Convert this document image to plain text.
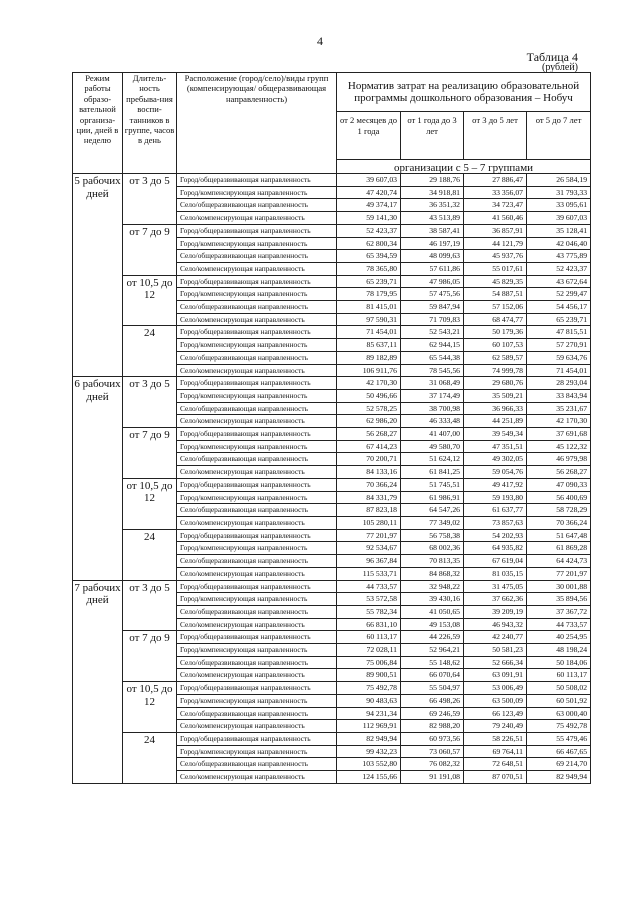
4
Таблица 4
(рублей)
Режим работы образо-вательной организа-ции, дней в неделю	Длитель-ность пребыва-ния воспи-танников в группе, часов в день	Расположение (город/село)/виды групп (компенсирующая/ общеразвивающая направленность)	Норматив затрат на реализацию образовательной программы дошкольного образования – Нобуч			
			от 2 месяцев до 1 года	от 1 года до 3 лет	от 3 до 5 лет	от 5 до 7 лет
			организации с 5 – 7 группами			
5 рабочих дней	от 3 до 5	Город/общеразвивающая направленность	39 607,03	29 188,76	27 886,47	26 584,19
		Город/компенсирующая направленность	47 420,74	34 918,81	33 356,07	31 793,33
		Село/общеразвивающая направленность	49 374,17	36 351,32	34 723,47	33 095,61
		Село/компенсирующая направленность	59 141,30	43 513,89	41 560,46	39 607,03
	от 7 до 9	Город/общеразвивающая направленность	52 423,37	38 587,41	36 857,91	35 128,41
		Город/компенсирующая направленность	62 800,34	46 197,19	44 121,79	42 046,40
		Село/общеразвивающая направленность	65 394,59	48 099,63	45 937,76	43 775,89
		Село/компенсирующая направленность	78 365,80	57 611,86	55 017,61	52 423,37
	от 10,5 до 12	Город/общеразвивающая направленность	65 239,71	47 986,05	45 829,35	43 672,64
		Город/компенсирующая направленность	78 179,95	57 475,56	54 887,51	52 299,47
		Село/общеразвивающая направленность	81 415,01	59 847,94	57 152,06	54 456,17
		Село/компенсирующая направленность	97 590,31	71 709,83	68 474,77	65 239,71
	24	Город/общеразвивающая направленность	71 454,01	52 543,21	50 179,36	47 815,51
		Город/компенсирующая направленность	85 637,11	62 944,15	60 107,53	57 270,91
		Село/общеразвивающая направленность	89 182,89	65 544,38	62 589,57	59 634,76
		Село/компенсирующая направленность	106 911,76	78 545,56	74 999,78	71 454,01
6 рабочих дней	от 3 до 5	Город/общеразвивающая направленность	42 170,30	31 068,49	29 680,76	28 293,04
		Город/компенсирующая направленность	50 496,66	37 174,49	35 509,21	33 843,94
		Село/общеразвивающая направленность	52 578,25	38 700,98	36 966,33	35 231,67
		Село/компенсирующая направленность	62 986,20	46 333,48	44 251,89	42 170,30
	от 7 до 9	Город/общеразвивающая направленность	56 268,27	41 407,00	39 549,34	37 691,68
		Город/компенсирующая направленность	67 414,23	49 580,70	47 351,51	45 122,32
		Село/общеразвивающая направленность	70 200,71	51 624,12	49 302,05	46 979,98
		Село/компенсирующая направленность	84 133,16	61 841,25	59 054,76	56 268,27
	от 10,5 до 12	Город/общеразвивающая направленность	70 366,24	51 745,51	49 417,92	47 090,33
		Город/компенсирующая направленность	84 331,79	61 986,91	59 193,80	56 400,69
		Село/общеразвивающая направленность	87 823,18	64 547,26	61 637,77	58 728,29
		Село/компенсирующая направленность	105 280,11	77 349,02	73 857,63	70 366,24
	24	Город/общеразвивающая направленность	77 201,97	56 758,38	54 202,93	51 647,48
		Город/компенсирующая направленность	92 534,67	68 002,36	64 935,82	61 869,28
		Село/общеразвивающая направленность	96 367,84	70 813,35	67 619,04	64 424,73
		Село/компенсирующая направленность	115 533,71	84 868,32	81 035,15	77 201,97
7 рабочих дней	от 3 до 5	Город/общеразвивающая направленность	44 733,57	32 948,22	31 475,05	30 001,88
		Город/компенсирующая направленность	53 572,58	39 430,16	37 662,36	35 894,56
		Село/общеразвивающая направленность	55 782,34	41 050,65	39 209,19	37 367,72
		Село/компенсирующая направленность	66 831,10	49 153,08	46 943,32	44 733,57
	от 7 до 9	Город/общеразвивающая направленность	60 113,17	44 226,59	42 240,77	40 254,95
		Город/компенсирующая направленность	72 028,11	52 964,21	50 581,23	48 198,24
		Село/общеразвивающая направленность	75 006,84	55 148,62	52 666,34	50 184,06
		Село/компенсирующая направленность	89 900,51	66 070,64	63 091,91	60 113,17
	от 10,5 до 12	Город/общеразвивающая направленность	75 492,78	55 504,97	53 006,49	50 508,02
		Город/компенсирующая направленность	90 483,63	66 498,26	63 500,09	60 501,92
		Село/общеразвивающая направленность	94 231,34	69 246,59	66 123,49	63 000,40
		Село/компенсирующая направленность	112 969,91	82 988,20	79 240,49	75 492,78
	24	Город/общеразвивающая направленность	82 949,94	60 973,56	58 226,51	55 479,46
		Город/компенсирующая направленность	99 432,23	73 060,57	69 764,11	66 467,65
		Село/общеразвивающая направленность	103 552,80	76 082,32	72 648,51	69 214,70
		Село/компенсирующая направленность	124 155,66	91 191,08	87 070,51	82 949,94
